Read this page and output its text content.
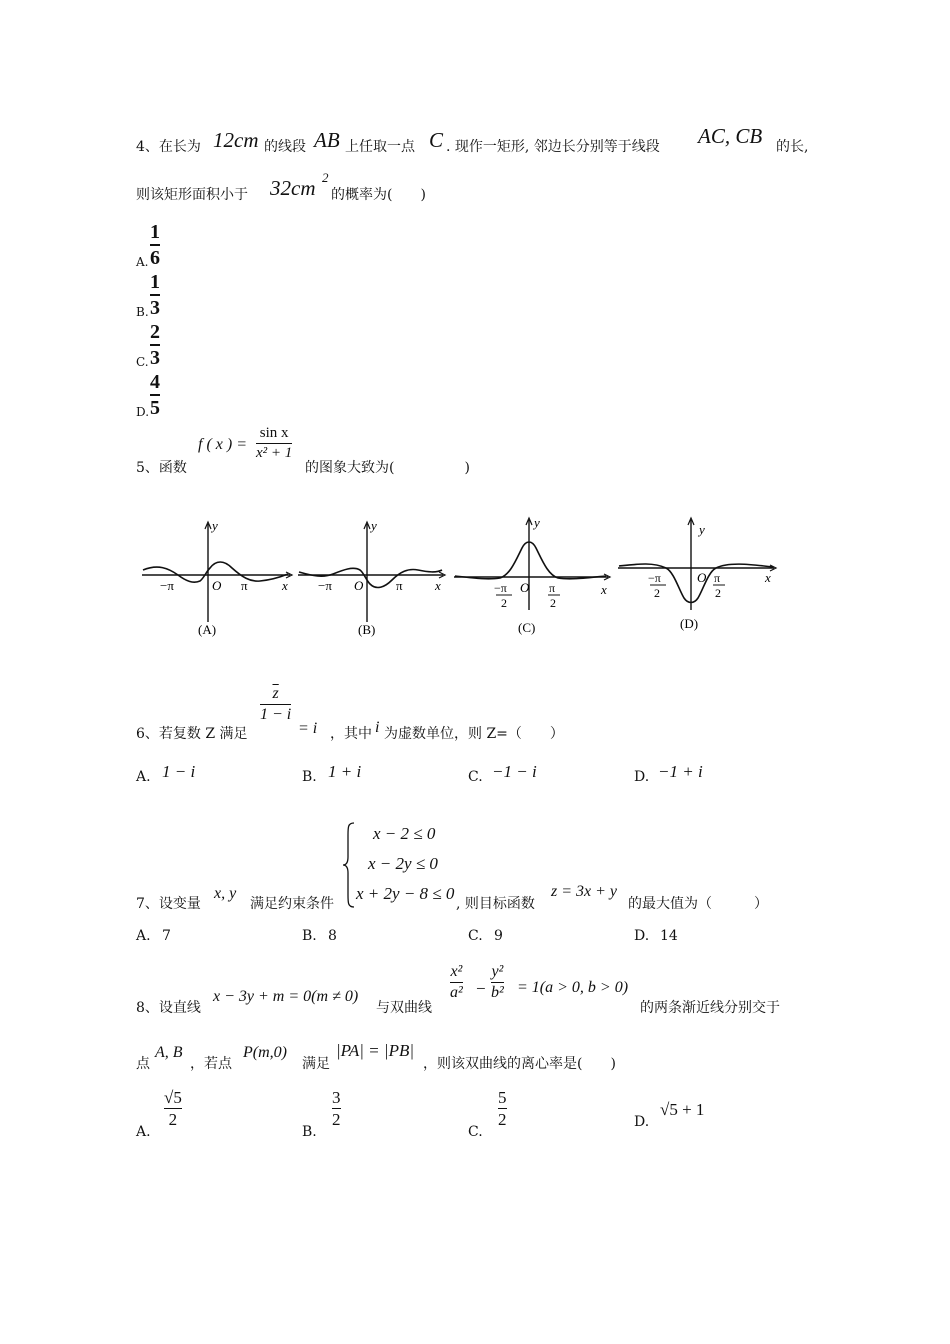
4、在长为 12cm 的线段 AB 上任取一点 C . 现作一矩形, 邻边长分别等于线段 AC, CB 的长,
则该矩形面积小于 32cm 2
的概率为(　　)
A.
1
6
B.
1
3
C.
2
3
D.
4
5
5、函数
f ( x ) =
sin x
x² + 1
的图象大致为(　　　　　)
−π	O π	x
y
(A)
−π O	π x
y
(B)
−π
2
O π
2
x
y
(C)
−π
2
O π
2
x
y
(D)
6、若复数 Z 满足
$\overline{z}$
1 − i
= i ，其中 i 为虚数单位，则 Z=（　　）
A. 1 − i	B. 1 + i	C. −1 − i	D. −1 + i
7、设变量
x, y
满足约束条件
x − 2 ≤ 0
x − 2y ≤ 0
x + 2y − 8 ≤ 0
, 则目标函数
z = 3x + y
的最大值为（　　　）
A. 7	B. 8	C. 9	D. 14
8、设直线
x − 3y + m = 0(m ≠ 0)
与双曲线
x²
a² −
y²
b² = 1(a > 0, b > 0)
的两条渐近线分别交于
点
A, B
，若点
P(m,0)
满足
|PA| = |PB|
，则该双曲线的离心率是(　　)
A.
√5
2
B.
3
2
C.
5
2	D.
√5 + 1
